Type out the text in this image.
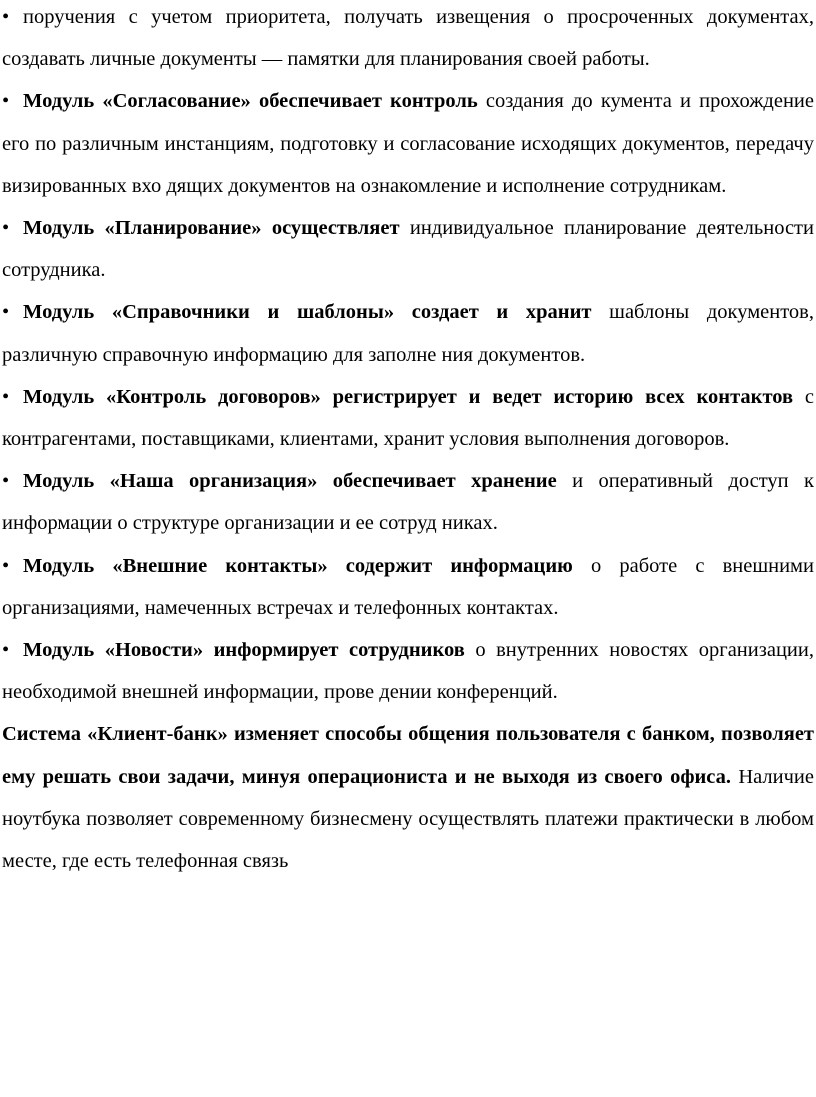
• поручения с учетом приоритета, получать извещения о просроченных документах, создавать личные документы — памятки для планирования своей работы.

• Модуль «Согласование» обеспечивает контроль создания до кумента и прохождение его по различным инстанциям, подготовку и согласование исходящих документов, передачу визированных вхо дящих документов на ознакомление и исполнение сотрудникам.

• Модуль «Планирование» осуществляет индивидуальное планирование деятельности сотрудника.

• Модуль «Справочники и шаблоны» создает и хранит шаблоны документов, различную справочную информацию для заполне ния документов.

• Модуль «Контроль договоров» регистрирует и ведет историю всех контактов с контрагентами, поставщиками, клиентами, хранит условия выполнения договоров.

• Модуль «Наша организация» обеспечивает хранение и оперативный доступ к информации о структуре организации и ее сотруд никах.

• Модуль «Внешние контакты» содержит информацию о работе с внешними организациями, намеченных встречах и телефонных контактах.

• Модуль «Новости» информирует сотрудников о внутренних новостях организации, необходимой внешней информации, прове дении конференций.

Система «Клиент-банк» изменяет способы общения пользователя с банком, позволяет ему решать свои задачи, минуя операциониста и не выходя из своего офиса. Наличие ноутбука позволяет современному бизнесмену осуществлять платежи практически в любом месте, где есть телефонная связь
